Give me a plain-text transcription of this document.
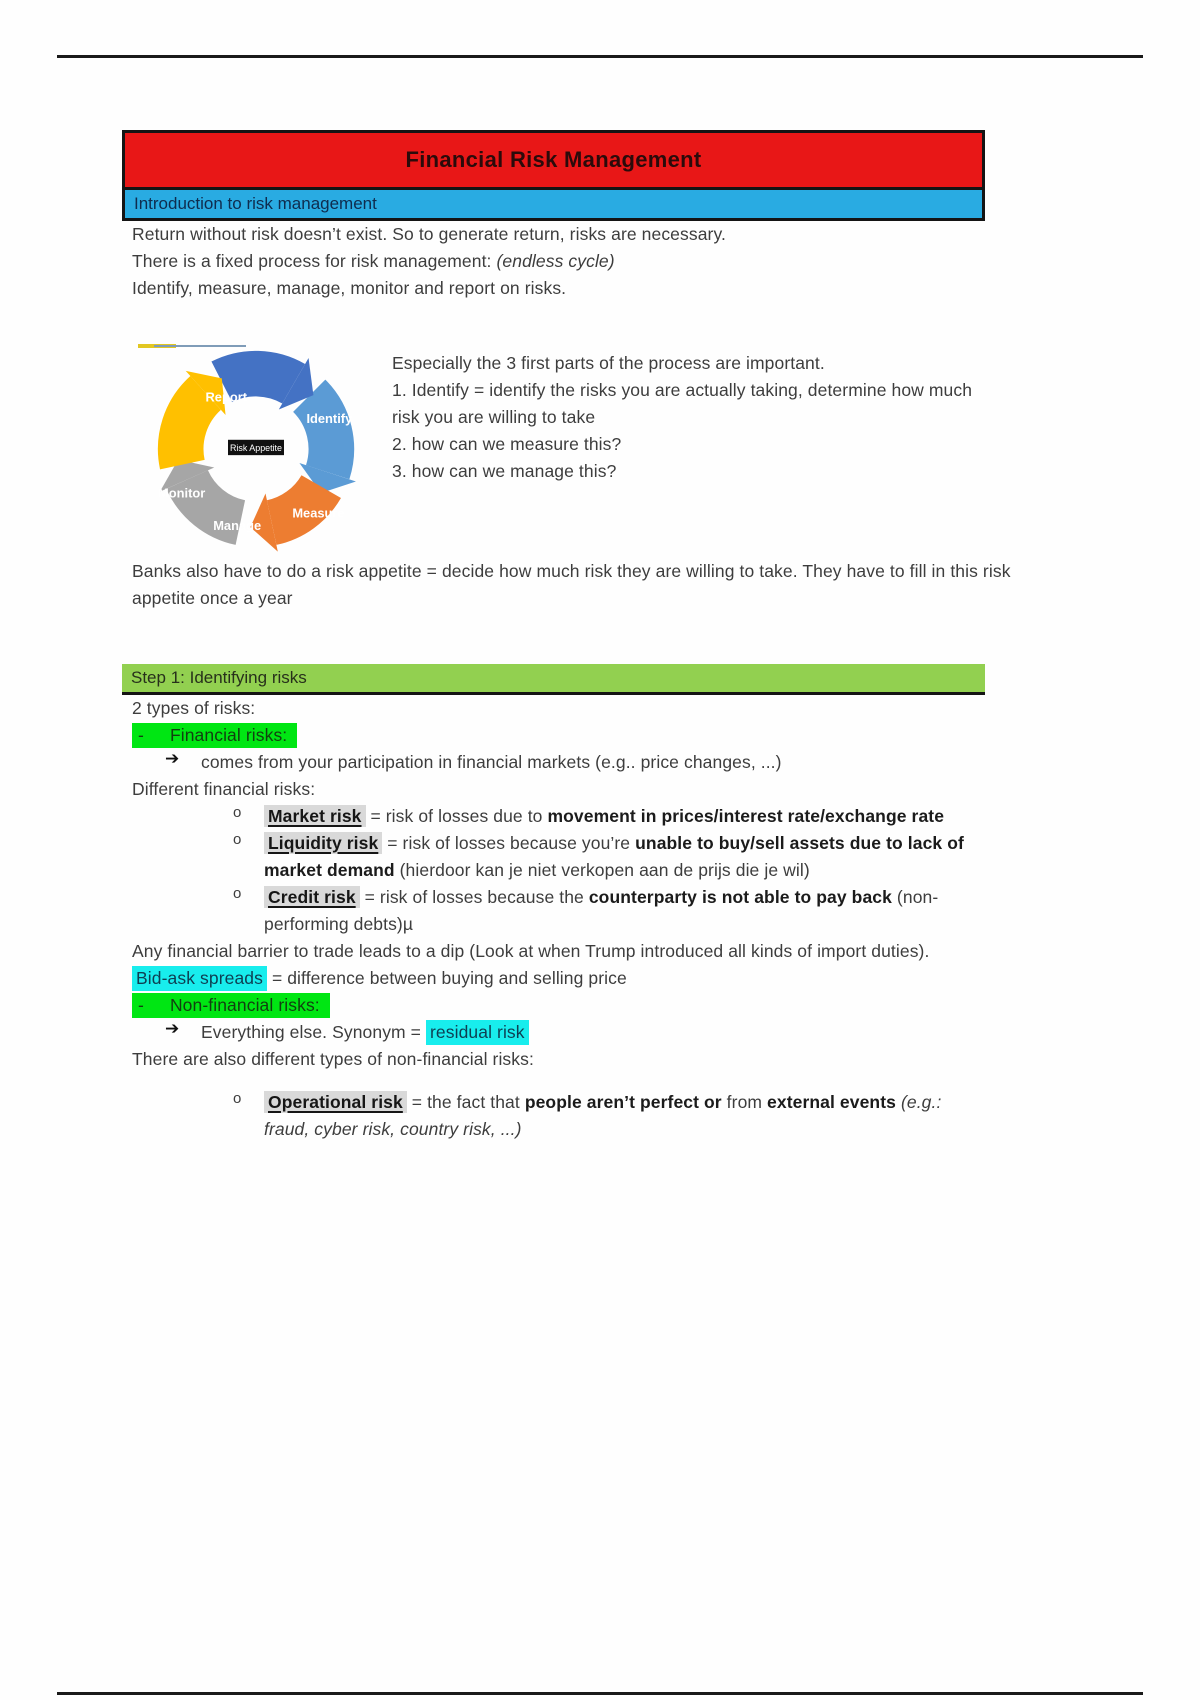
Financial Risk Management
Introduction to risk management

Return without risk doesn’t exist. So to generate return, risks are necessary.

There is a fixed process for risk management: (endless cycle)

Identify, measure, manage, monitor and report on risks.

Report
Identify
Measure
Manage
Monitor
Risk Appetite

Especially the 3 first parts of the process are important.

1. Identify = identify the risks you are actually taking, determine how much risk you are willing to take

2. how can we measure this?

3. how can we manage this?

Banks also have to do a risk appetite = decide how much risk they are willing to take. They have to fill in this risk appetite once a year

Step 1: Identifying risks

2 types of risks:

- Financial risks:

➔	comes from your participation in financial markets (e.g.. price changes, ...)

Different financial risks:

o	Market risk = risk of losses due to movement in prices/interest rate/exchange rate
o	Liquidity risk = risk of losses because you’re unable to buy/sell assets due to lack of market demand (hierdoor kan je niet verkopen aan de prijs die je wil)
o	Credit risk = risk of losses because the counterparty is not able to pay back (non-performing debts)µ

Any financial barrier to trade leads to a dip (Look at when Trump introduced all kinds of import duties).

Bid-ask spreads = difference between buying and selling price

- Non-financial risks:

➔	Everything else. Synonym = residual risk

There are also different types of non-financial risks:

o	Operational risk = the fact that people aren’t perfect or from external events (e.g.: fraud, cyber risk, country risk, ...)
